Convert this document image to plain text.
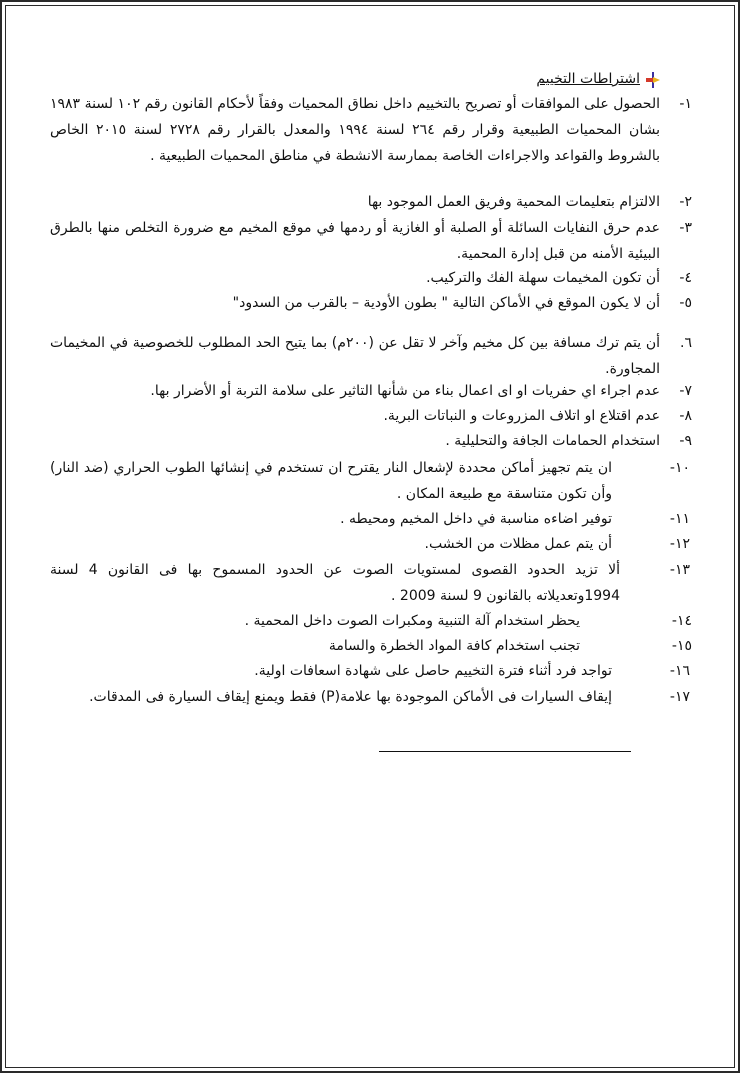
اشتراطات التخييم
١-
الحصول على الموافقات أو تصريح بالتخييم داخل نطاق المحميات وفقاً لأحكام القانون رقم ١٠٢ لسنة ١٩٨٣ بشان المحميات الطبيعية وقرار رقم ٢٦٤ لسنة ١٩٩٤ والمعدل بالقرار رقم ٢٧٢٨ لسنة ٢٠١٥ الخاص بالشروط والقواعد والاجراءات الخاصة بممارسة الانشطة في مناطق المحميات الطبيعية .
٢-
الالتزام بتعليمات المحمية وفريق العمل الموجود بها
٣-
عدم حرق النفايات السائلة أو الصلبة أو الغازية أو ردمها في موقع المخيم مع ضرورة التخلص منها بالطرق البيئية الأمنه من قبل إدارة المحمية.
٤-
أن تكون المخيمات سهلة الفك والتركيب.
٥-
أن لا يكون الموقع في الأماكن التالية " بطون الأودية – بالقرب من السدود"
٦.
أن يتم ترك مسافة بين كل مخيم وآخر لا تقل عن (٢٠٠م) بما يتيح الحد المطلوب للخصوصية في المخيمات المجاورة.
٧-
عدم اجراء اي حفريات او اى اعمال بناء من شأنها التاثير على سلامة التربة أو الأضرار بها.
٨-
عدم اقتلاع او اتلاف المزروعات و النباتات البرية.
٩-
استخدام الحمامات الجافة والتحليلية .
١٠-
ان يتم تجهيز أماكن محددة لإشعال النار يقترح ان تستخدم في إنشائها الطوب الحراري (ضد النار) وأن تكون متناسقة مع طبيعة المكان .
١١-
توفير اضاءه مناسبة في داخل المخيم ومحيطه .
١٢-
أن يتم عمل مظلات من الخشب.
١٣-
ألا تزيد الحدود القصوى لمستويات الصوت عن الحدود المسموح بها فى القانون 4 لسنة 1994وتعديلاته بالقانون 9 لسنة 2009 .
١٤-
يحظر استخدام آلة التنبية ومكبرات الصوت داخل المحمية .
١٥-
تجنب استخدام كافة المواد الخطرة والسامة
١٦-
تواجد فرد أثناء فترة التخييم حاصل على شهادة اسعافات اولية.
١٧-
إيقاف السيارات فى الأماكن الموجودة بها علامة(P) فقط ويمنع إيقاف السيارة فى المدقات.
